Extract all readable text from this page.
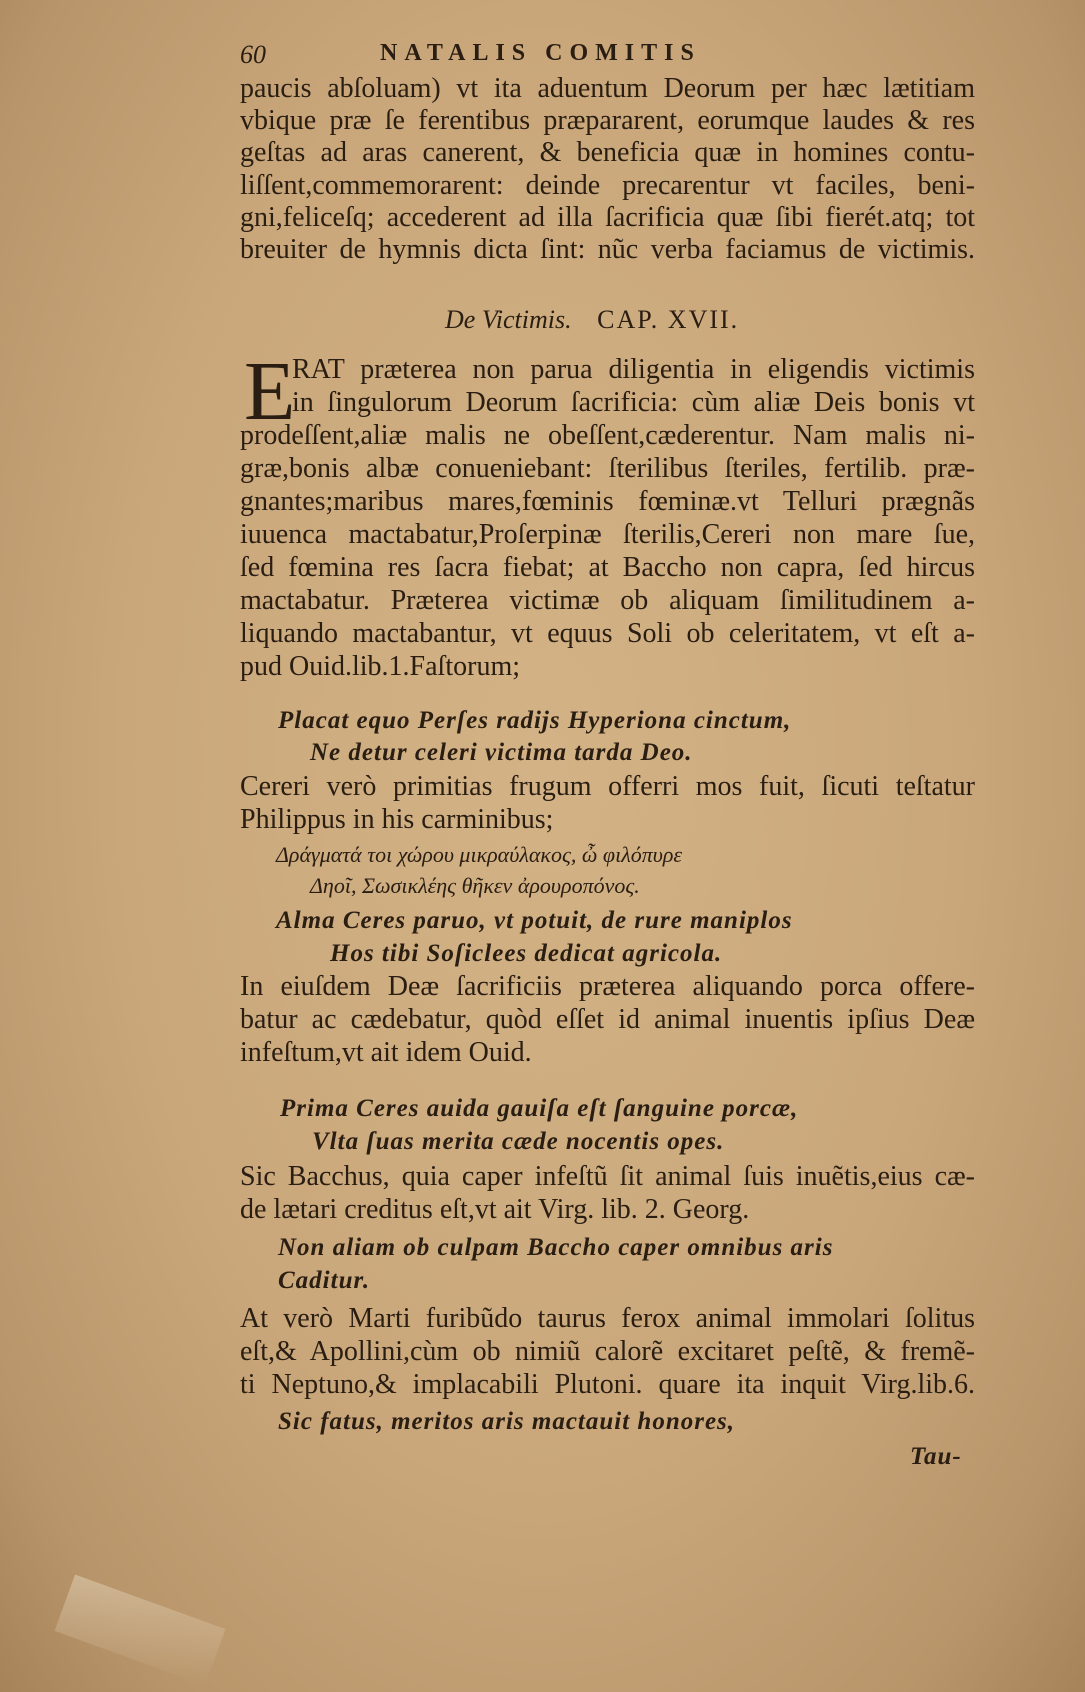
60	NATALIS COMITIS
paucis abſoluam) vt ita aduentum Deorum per hæc lætitiam
vbique præ ſe ferentibus præpararent, eorumque laudes & res
geſtas ad aras canerent, & beneficia quæ in homines contu-
liſſent,commemorarent: deinde precarentur vt faciles, beni-
gni,feliceſq; accederent ad illa ſacrificia quæ ſibi fierét.atq; tot
breuiter de hymnis dicta ſint: nũc verba faciamus de victimis.
De Victimis. CAP. XVII.
E
RAT præterea non parua diligentia in eligendis victimis
in ſingulorum Deorum ſacrificia: cùm aliæ Deis bonis vt
prodeſſent,aliæ malis ne obeſſent,cæderentur. Nam malis ni-
græ,bonis albæ conueniebant: ſterilibus ſteriles, fertilib. præ-
gnantes;maribus mares,fœminis fœminæ.vt Telluri prægnãs
iuuenca mactabatur,Proſerpinæ ſterilis,Cereri non mare ſue,
ſed fœmina res ſacra fiebat; at Baccho non capra, ſed hircus
mactabatur. Præterea victimæ ob aliquam ſimilitudinem a-
liquando mactabantur, vt equus Soli ob celeritatem, vt eſt a-
pud Ouid.lib.1.Faſtorum;
Placat equo Perſes radijs Hyperiona cinctum,
Ne detur celeri victima tarda Deo.
Cereri verò primitias frugum offerri mos fuit, ſicuti teſtatur
Philippus in his carminibus;
Δράγματά τοι χώρου μικραύλακος, ὦ φιλόπυρε
Δηοῖ, Σωσικλέης θῆκεν ἀρουροπόνος.
Alma Ceres paruo, vt potuit, de rure maniplos
Hos tibi Soſiclees dedicat agricola.
In eiuſdem Deæ ſacrificiis præterea aliquando porca offere-
batur ac cædebatur, quòd eſſet id animal inuentis ipſius Deæ
infeſtum,vt ait idem Ouid.
Prima Ceres auida gauiſa eſt ſanguine porcæ,
Vlta ſuas merita cæde nocentis opes.
Sic Bacchus, quia caper infeſtũ ſit animal ſuis inuẽtis,eius cæ-
de lætari creditus eſt,vt ait Virg. lib. 2. Georg.
Non aliam ob culpam Baccho caper omnibus aris
Caditur.
At verò Marti furibũdo taurus ferox animal immolari ſolitus
eſt,& Apollini,cùm ob nimiũ calorẽ excitaret peſtẽ, & fremẽ-
ti Neptuno,& implacabili Plutoni. quare ita inquit Virg.lib.6.
Sic fatus, meritos aris mactauit honores,
Tau-
